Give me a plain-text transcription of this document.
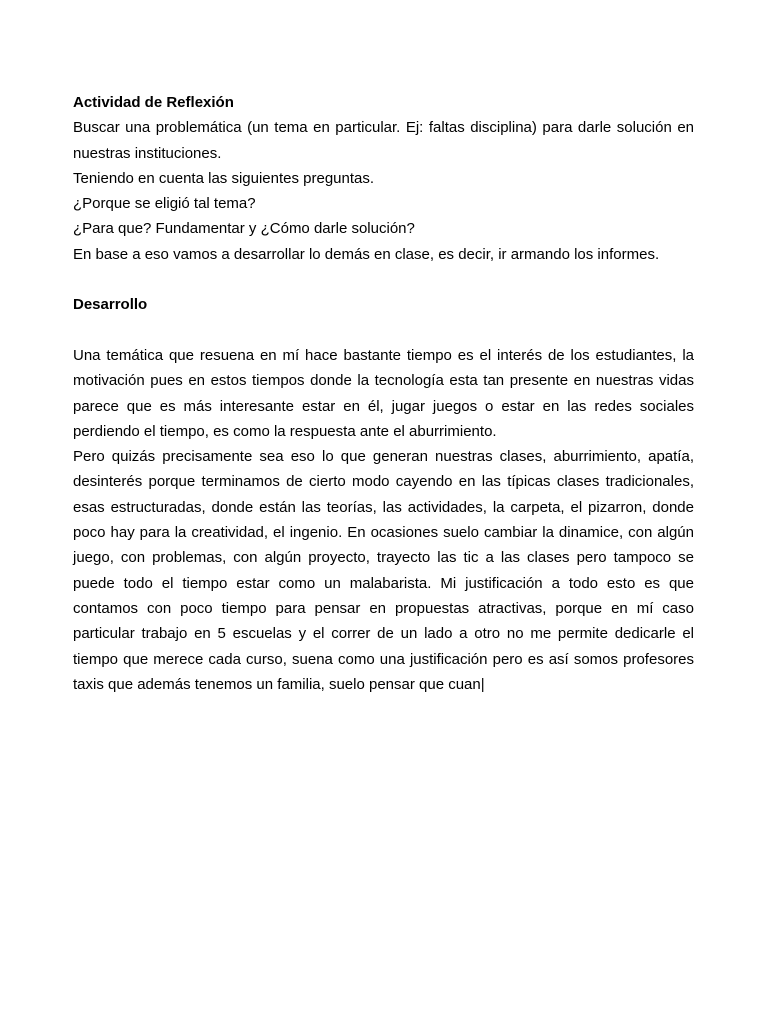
Actividad de Reflexión

Buscar una problemática (un tema en particular. Ej: faltas disciplina) para darle solución en nuestras instituciones.

Teniendo en cuenta las siguientes preguntas.
¿Porque se eligió tal tema?
¿Para que? Fundamentar y ¿Cómo darle solución?
En base a eso vamos a desarrollar lo demás en clase, es decir, ir armando los informes.
Desarrollo

Una temática que resuena en mí hace bastante tiempo es el interés de los estudiantes, la motivación pues en estos tiempos donde la tecnología esta tan presente en nuestras vidas parece que es más interesante estar en él, jugar juegos o estar en las redes sociales perdiendo el tiempo, es como la respuesta ante el aburrimiento.

Pero quizás precisamente sea eso lo que generan nuestras clases, aburrimiento, apatía, desinterés porque terminamos de cierto modo cayendo en las típicas clases tradicionales, esas estructuradas, donde están las teorías, las actividades, la carpeta, el pizarron, donde poco hay para la creatividad, el ingenio. En ocasiones suelo cambiar la dinamice, con algún juego, con problemas, con algún proyecto, trayecto las tic a las clases pero tampoco se puede todo el tiempo estar como un malabarista. Mi justificación a todo esto es que contamos con poco tiempo para pensar en propuestas atractivas, porque en mí caso particular trabajo en 5 escuelas y el correr de un lado a otro no me permite dedicarle el tiempo que merece cada curso, suena como una justificación pero es así somos profesores taxis que además tenemos un familia, suelo pensar que cuan|
